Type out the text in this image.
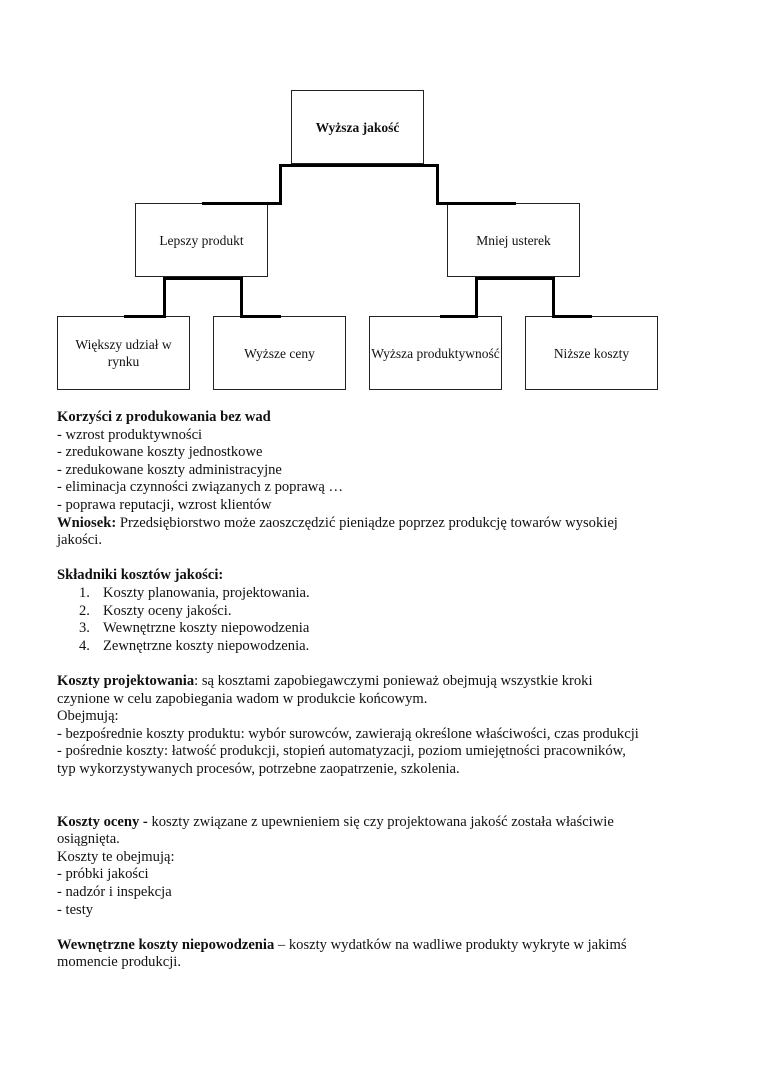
Wyższa jakość
Lepszy produkt	Mniej usterek
Większy udział w rynku
Wyższe ceny	Wyższa produktywność	Niższe koszty
Korzyści z produkowania bez wad
- wzrost produktywności
- zredukowane koszty jednostkowe
- zredukowane koszty administracyjne
- eliminacja czynności związanych z poprawą …
- poprawa reputacji, wzrost klientów
Wniosek: Przedsiębiorstwo może zaoszczędzić pieniądze poprzez produkcję towarów wysokiej
jakości.
Składniki kosztów jakości:
1. Koszty planowania, projektowania.
2. Koszty oceny jakości.
3. Wewnętrzne koszty niepowodzenia
4. Zewnętrzne koszty niepowodzenia.
Koszty projektowania: są kosztami zapobiegawczymi ponieważ obejmują wszystkie kroki
czynione w celu zapobiegania wadom w produkcie końcowym.
Obejmują:
- bezpośrednie koszty produktu: wybór surowców, zawierają określone właściwości, czas produkcji
- pośrednie koszty: łatwość produkcji, stopień automatyzacji, poziom umiejętności pracowników,
typ wykorzystywanych procesów, potrzebne zaopatrzenie, szkolenia.
Koszty oceny - koszty związane z upewnieniem się czy projektowana jakość została właściwie
osiągnięta.
Koszty te obejmują:
- próbki jakości
- nadzór i inspekcja
- testy
Wewnętrzne koszty niepowodzenia – koszty wydatków na wadliwe produkty wykryte w jakimś
momencie produkcji.
